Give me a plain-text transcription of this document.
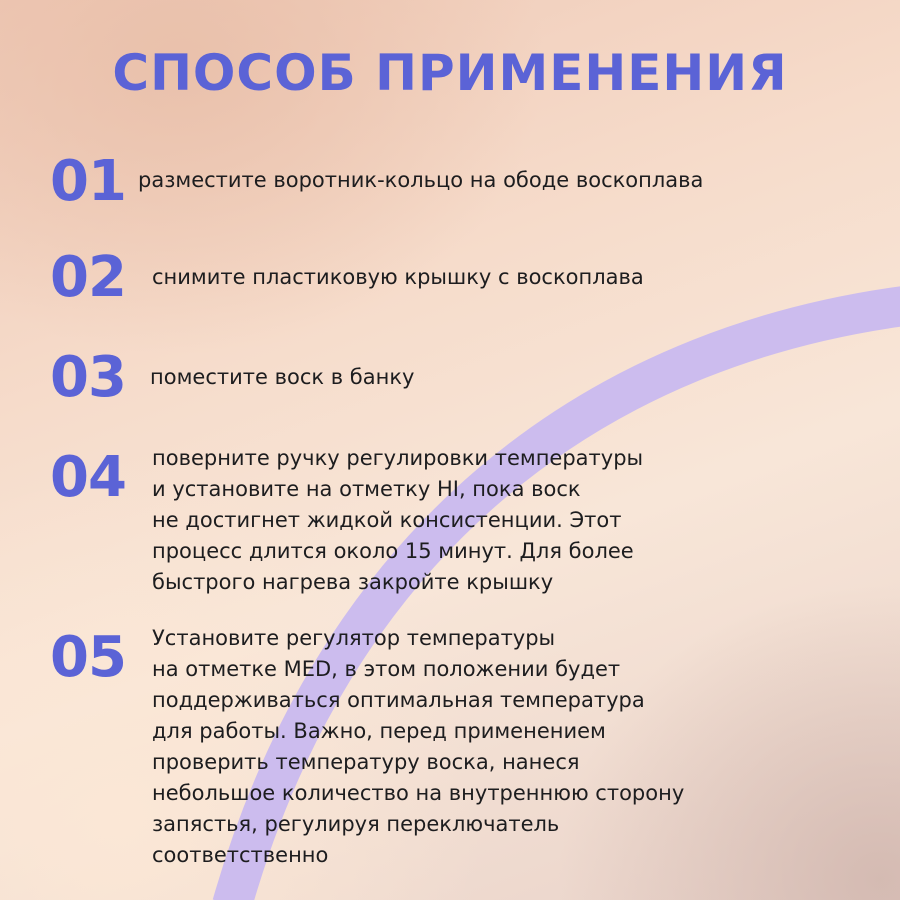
СПОСОБ ПРИМЕНЕНИЯ
01 разместите воротник-кольцо на ободе воскоплава
02 снимите пластиковую крышку с воскоплава
03 поместите воск в банку
04 поверните ручку регулировки температуры
и установите на отметку HI, пока воск
не достигнет жидкой консистенции. Этот
процесс длится около 15 минут. Для более
быстрого нагрева закройте крышку
05 Установите регулятор температуры
на отметке MED, в этом положении будет
поддерживаться оптимальная температура
для работы. Важно, перед применением
проверить температуру воска, нанеся
небольшое количество на внутреннюю сторону
запястья, регулируя переключатель
соответственно
